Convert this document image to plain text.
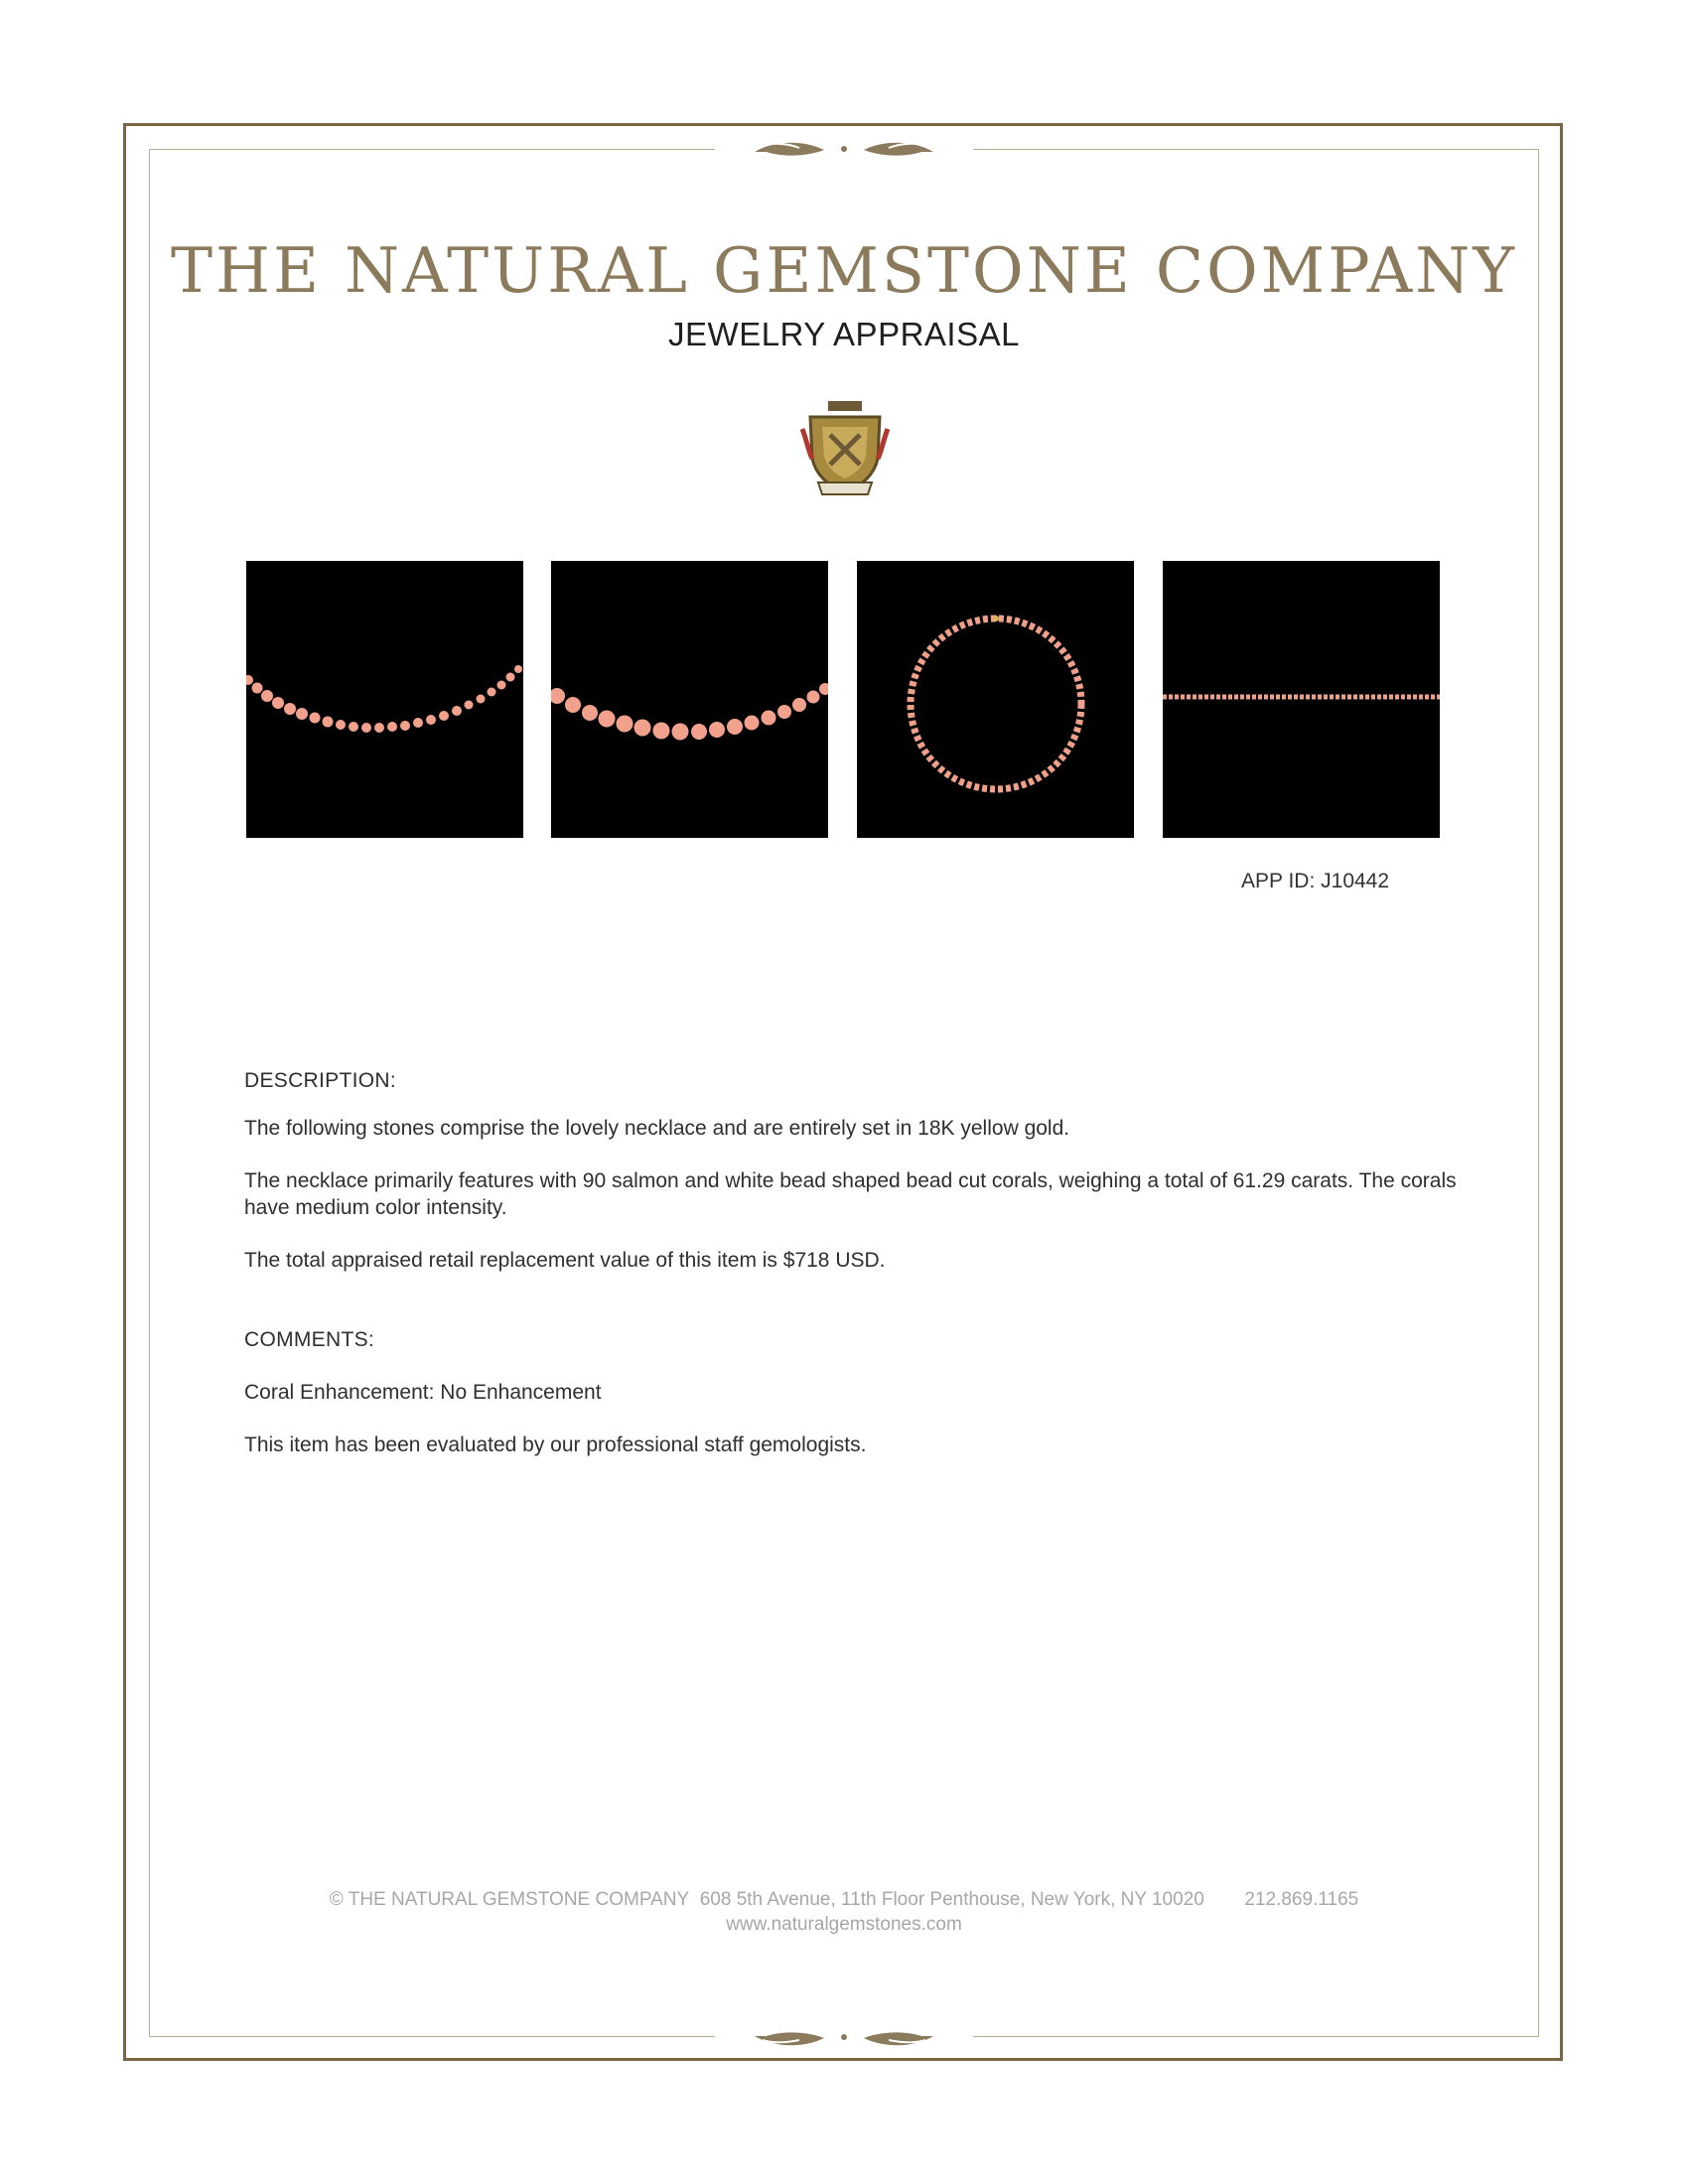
THE NATURAL GEMSTONE COMPANY
JEWELRY APPRAISAL
APP ID: J10442
DESCRIPTION:
The following stones comprise the lovely necklace and are entirely set in 18K yellow gold.
The necklace primarily features with 90 salmon and white bead shaped bead cut corals, weighing a total of 61.29 carats. The corals have medium color intensity.
The total appraised retail replacement value of this item is $718 USD.
COMMENTS:
Coral Enhancement: No Enhancement
This item has been evaluated by our professional staff gemologists.
© THE NATURAL GEMSTONE COMPANY 608 5th Avenue, 11th Floor Penthouse, New York, NY 10020 212.869.1165
www.naturalgemstones.com
